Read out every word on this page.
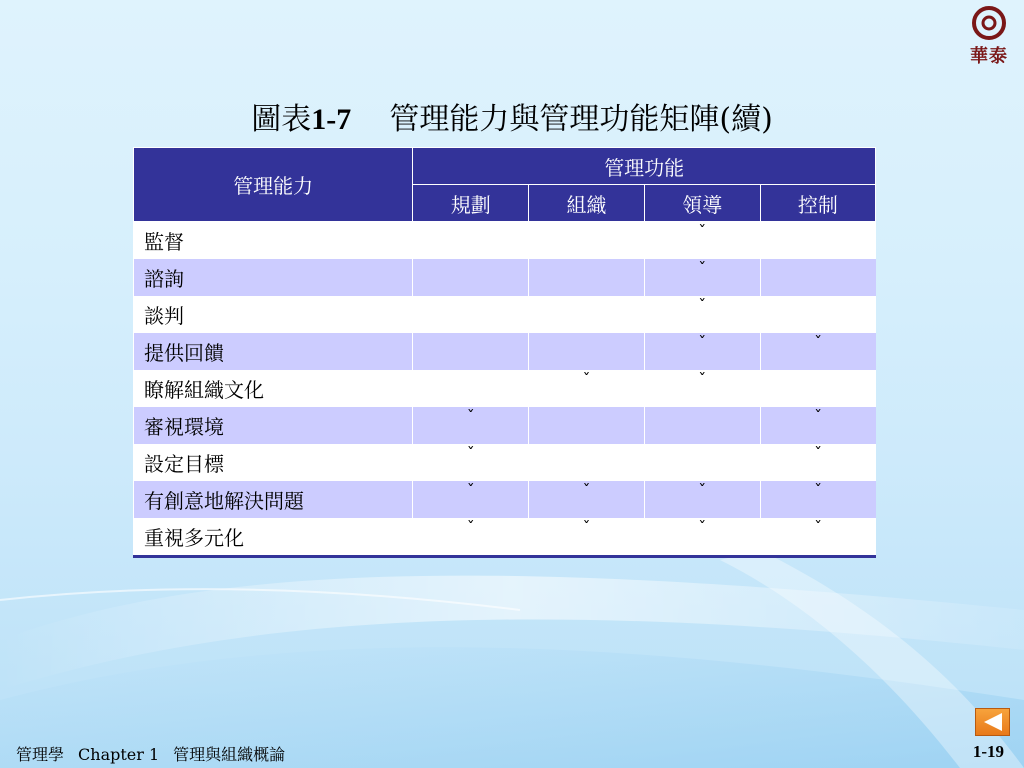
華泰
圖表1-7 管理能力與管理功能矩陣(續)
管理能力	管理功能			
	規劃	組織	領導	控制
監督			ˇ	
諮詢			ˇ	
談判			ˇ	
提供回饋			ˇ	ˇ
瞭解組織文化		ˇ	ˇ	
審視環境	ˇ			ˇ
設定目標	ˇ			ˇ
有創意地解決問題	ˇ	ˇ	ˇ	ˇ
重視多元化	ˇ	ˇ	ˇ	ˇ
管理學 Chapter 1 管理與組織概論	1-19
